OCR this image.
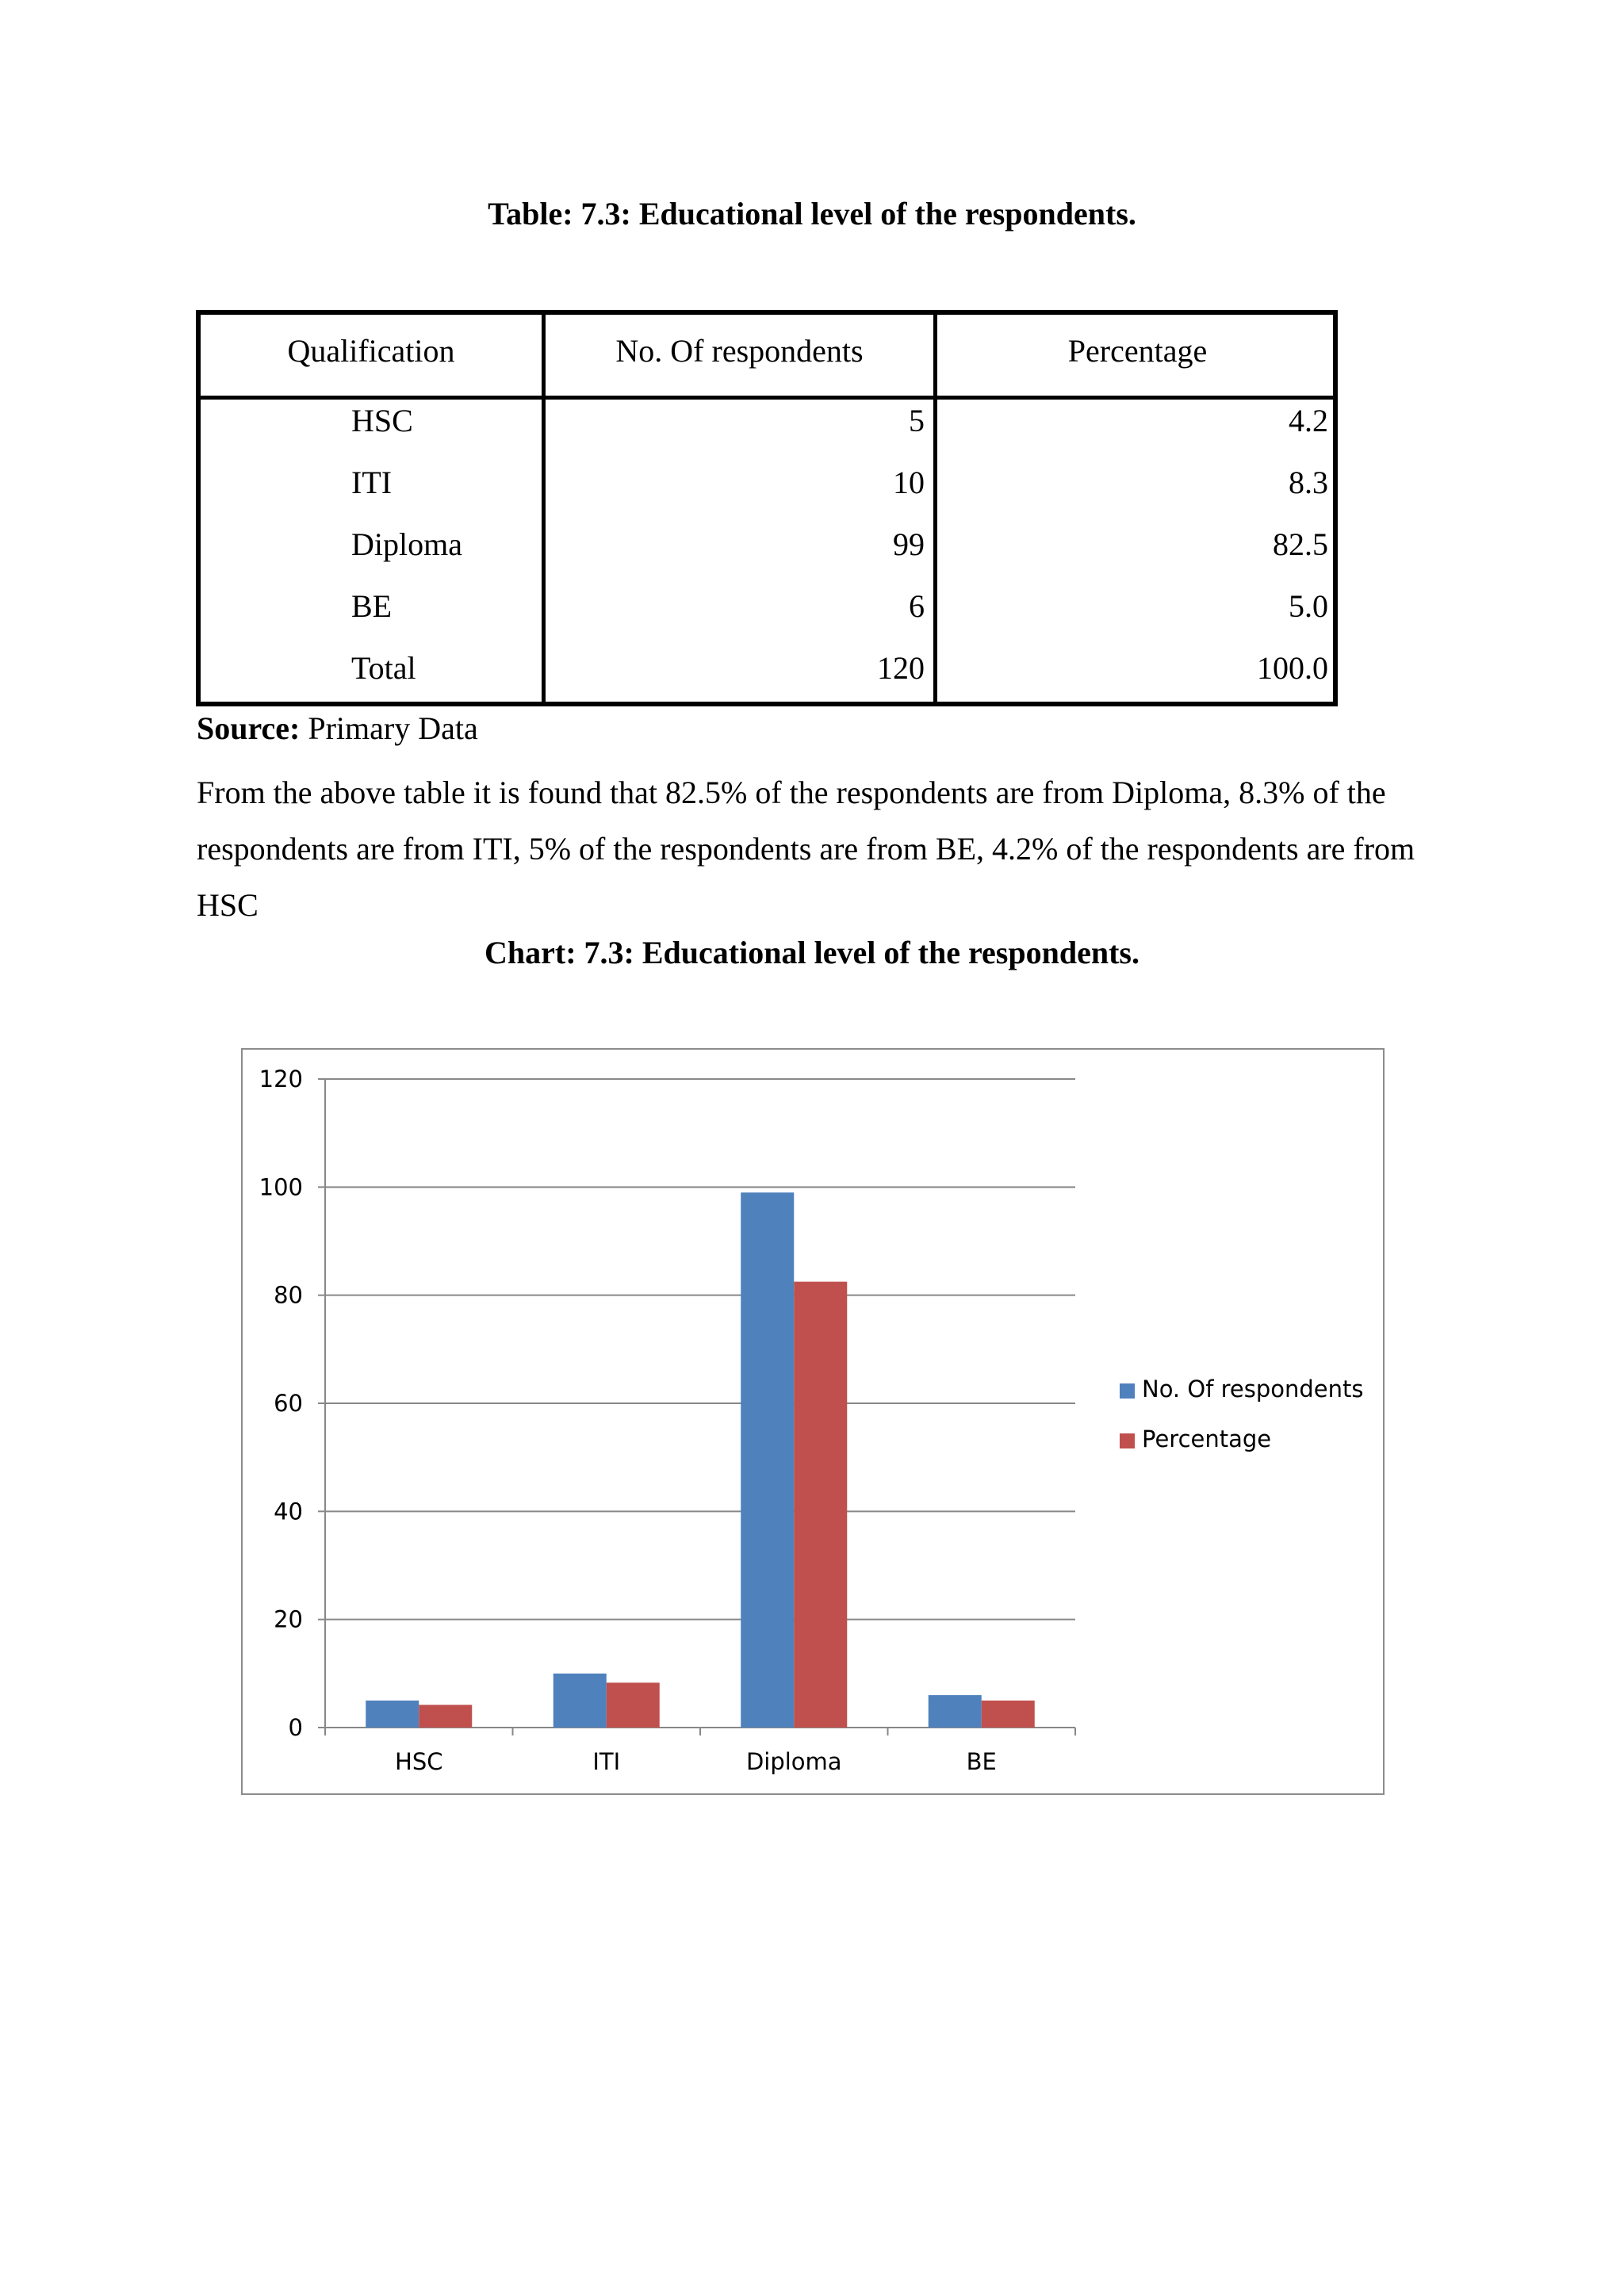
Table: 7.3: Educational level of the respondents.
Qualification	No. Of respondents	Percentage
HSC	5	4.2
ITI	10	8.3
Diploma	99	82.5
BE	6	5.0
Total	120	100.0
Source: Primary Data
From the above table it is found that 82.5% of the respondents are from Diploma, 8.3% of the respondents are from ITI, 5% of the respondents are from BE, 4.2% of the respondents are from HSC
Chart: 7.3: Educational level of the respondents.
0
20
40
60
80
100
120
HSC	ITI	Diploma	BE
No. Of respondents
Percentage
